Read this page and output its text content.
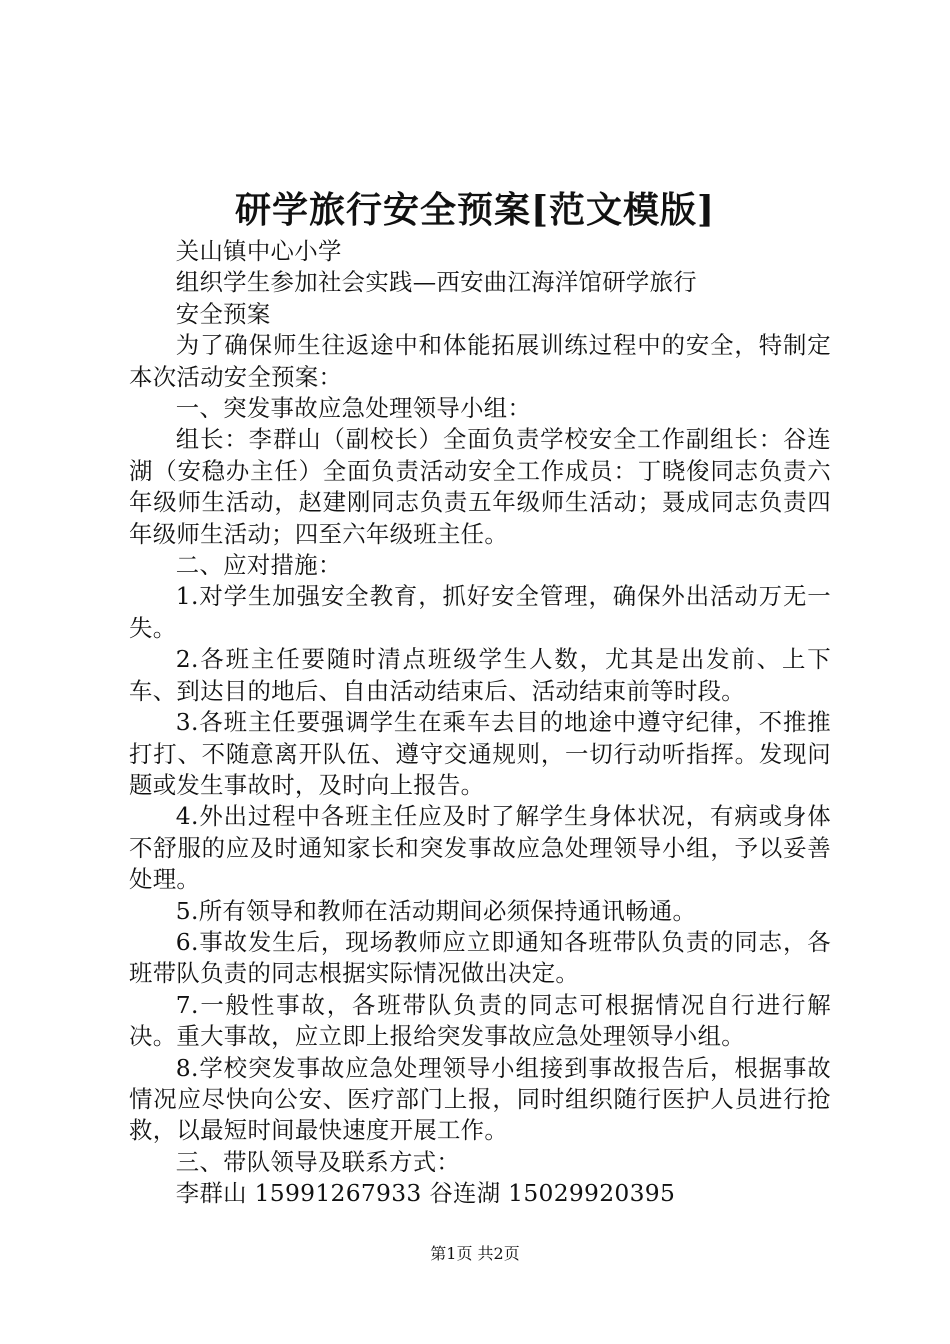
研学旅行安全预案[范文模版]

关山镇中心小学

组织学生参加社会实践—西安曲江海洋馆研学旅行

安全预案

为了确保师生往返途中和体能拓展训练过程中的安全，特制定本次活动安全预案：

一、突发事故应急处理领导小组：

组长：李群山（副校长）全面负责学校安全工作副组长：谷连湖（安稳办主任）全面负责活动安全工作成员：丁晓俊同志负责六年级师生活动，赵建刚同志负责五年级师生活动；聂成同志负责四年级师生活动；四至六年级班主任。

二、应对措施：

1.对学生加强安全教育，抓好安全管理，确保外出活动万无一失。

2.各班主任要随时清点班级学生人数，尤其是出发前、上下车、到达目的地后、自由活动结束后、活动结束前等时段。

3.各班主任要强调学生在乘车去目的地途中遵守纪律，不推推打打、不随意离开队伍、遵守交通规则，一切行动听指挥。发现问题或发生事故时，及时向上报告。

4.外出过程中各班主任应及时了解学生身体状况，有病或身体不舒服的应及时通知家长和突发事故应急处理领导小组，予以妥善处理。

5.所有领导和教师在活动期间必须保持通讯畅通。

6.事故发生后，现场教师应立即通知各班带队负责的同志，各班带队负责的同志根据实际情况做出决定。

7.一般性事故，各班带队负责的同志可根据情况自行进行解决。重大事故，应立即上报给突发事故应急处理领导小组。

8.学校突发事故应急处理领导小组接到事故报告后，根据事故情况应尽快向公安、医疗部门上报，同时组织随行医护人员进行抢救，以最短时间最快速度开展工作。

三、带队领导及联系方式：

李群山 15991267933 谷连湖 15029920395

第1页 共2页
